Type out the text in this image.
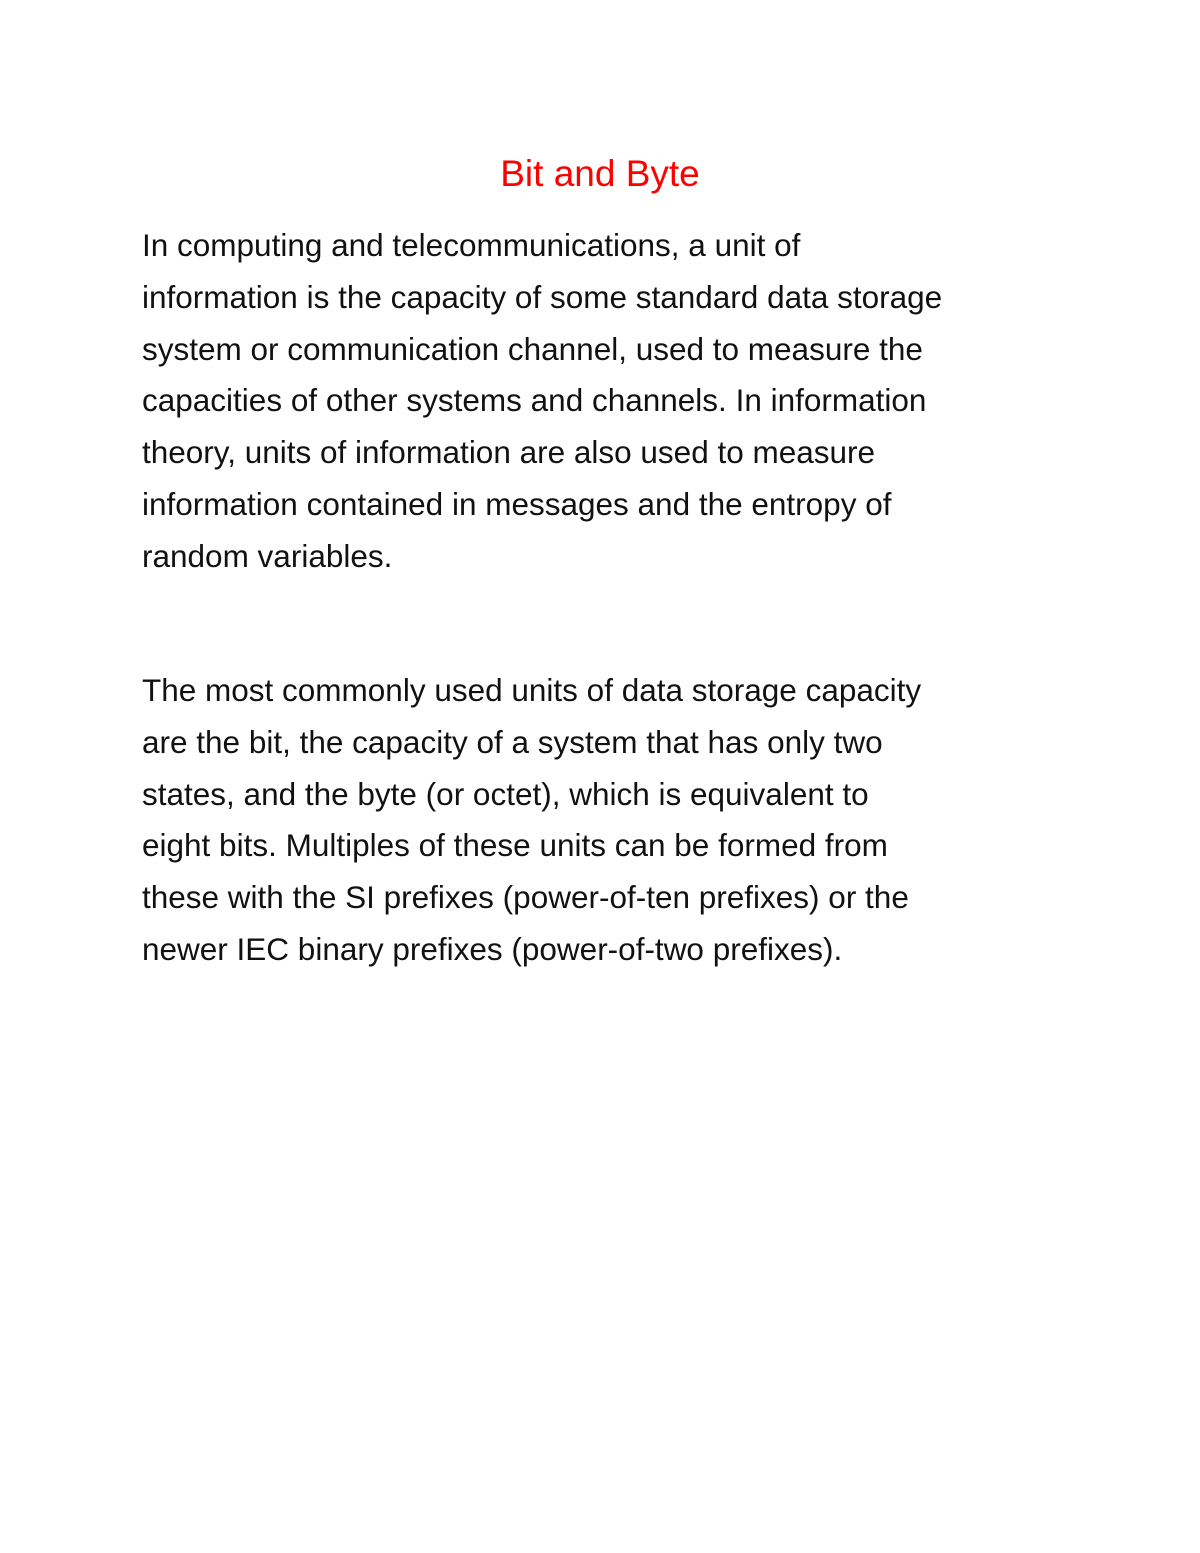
Bit and Byte

In computing and telecommunications, a unit of
information is the capacity of some standard data storage
system or communication channel, used to measure the
capacities of other systems and channels. In information
theory, units of information are also used to measure
information contained in messages and the entropy of
random variables.

The most commonly used units of data storage capacity
are the bit, the capacity of a system that has only two
states, and the byte (or octet), which is equivalent to
eight bits. Multiples of these units can be formed from
these with the SI prefixes (power-of-ten prefixes) or the
newer IEC binary prefixes (power-of-two prefixes).
